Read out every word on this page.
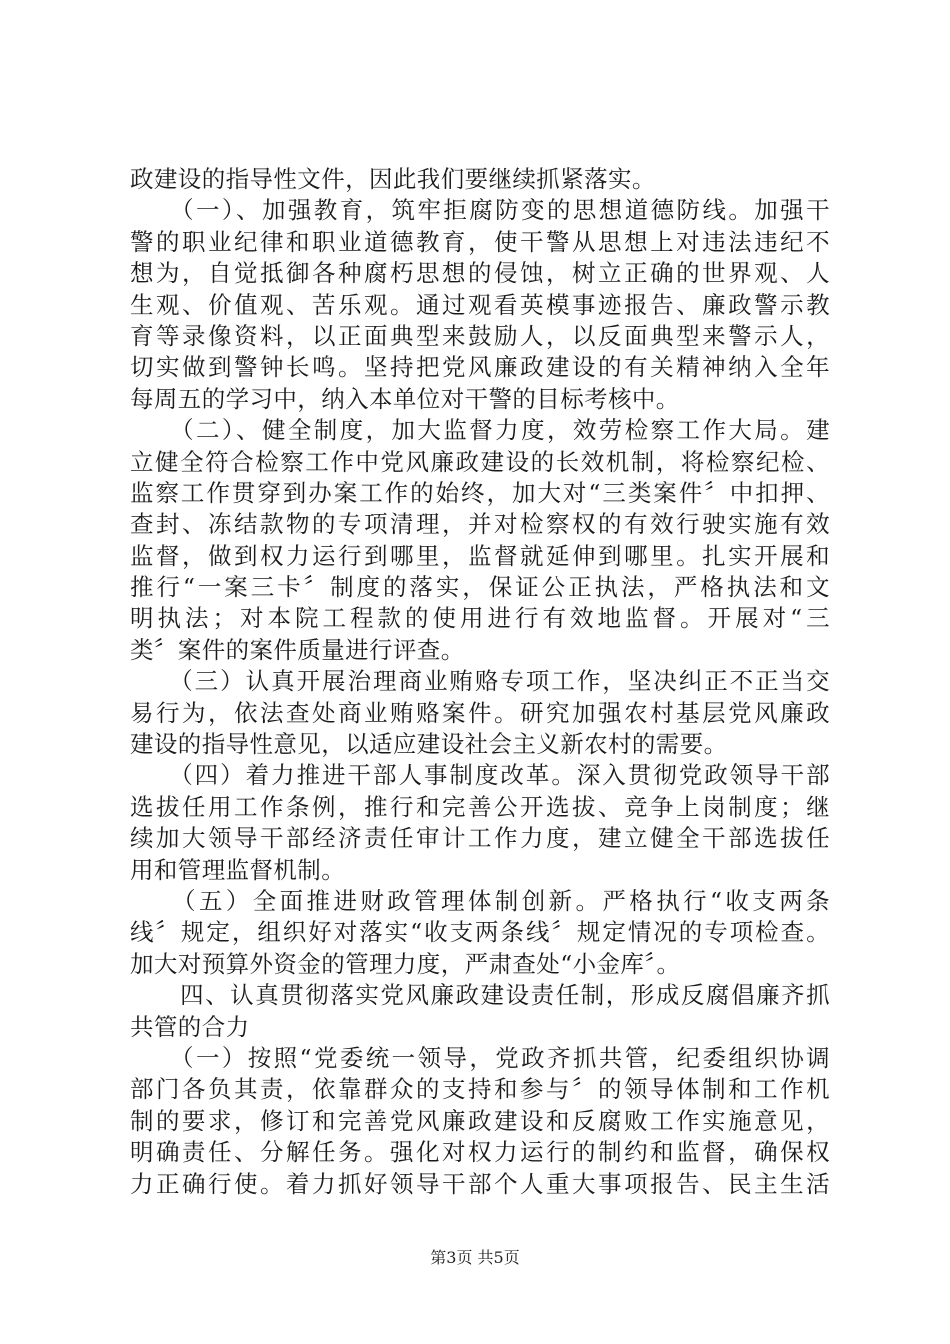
政建设的指导性文件，因此我们要继续抓紧落实。
　　（一）、加强教育，筑牢拒腐防变的思想道德防线。加强干
警的职业纪律和职业道德教育，使干警从思想上对违法违纪不
想为，自觉抵御各种腐朽思想的侵蚀，树立正确的世界观、人
生观、价值观、苦乐观。通过观看英模事迹报告、廉政警示教
育等录像资料，以正面典型来鼓励人，以反面典型来警示人，
切实做到警钟长鸣。坚持把党风廉政建设的有关精神纳入全年
每周五的学习中，纳入本单位对干警的目标考核中。
　　（二）、健全制度，加大监督力度，效劳检察工作大局。建
立健全符合检察工作中党风廉政建设的长效机制，将检察纪检、
监察工作贯穿到办案工作的始终，加大对“三类案件〞中扣押、
查封、冻结款物的专项清理，并对检察权的有效行驶实施有效
监督，做到权力运行到哪里，监督就延伸到哪里。扎实开展和
推行“一案三卡〞制度的落实，保证公正执法，严格执法和文
明执法；对本院工程款的使用进行有效地监督。开展对“三
类〞案件的案件质量进行评查。
　　（三）认真开展治理商业贿赂专项工作，坚决纠正不正当交
易行为，依法查处商业贿赂案件。研究加强农村基层党风廉政
建设的指导性意见，以适应建设社会主义新农村的需要。
　　（四）着力推进干部人事制度改革。深入贯彻党政领导干部
选拔任用工作条例，推行和完善公开选拔、竞争上岗制度；继
续加大领导干部经济责任审计工作力度，建立健全干部选拔任
用和管理监督机制。
　　（五）全面推进财政管理体制创新。严格执行“收支两条
线〞规定，组织好对落实“收支两条线〞规定情况的专项检查。
加大对预算外资金的管理力度，严肃查处“小金库〞。
　　四、认真贯彻落实党风廉政建设责任制，形成反腐倡廉齐抓
共管的合力
　　（一）按照“党委统一领导，党政齐抓共管，纪委组织协调
部门各负其责，依靠群众的支持和参与〞的领导体制和工作机
制的要求，修订和完善党风廉政建设和反腐败工作实施意见，
明确责任、分解任务。强化对权力运行的制约和监督，确保权
力正确行使。着力抓好领导干部个人重大事项报告、民主生活
第3页 共5页
